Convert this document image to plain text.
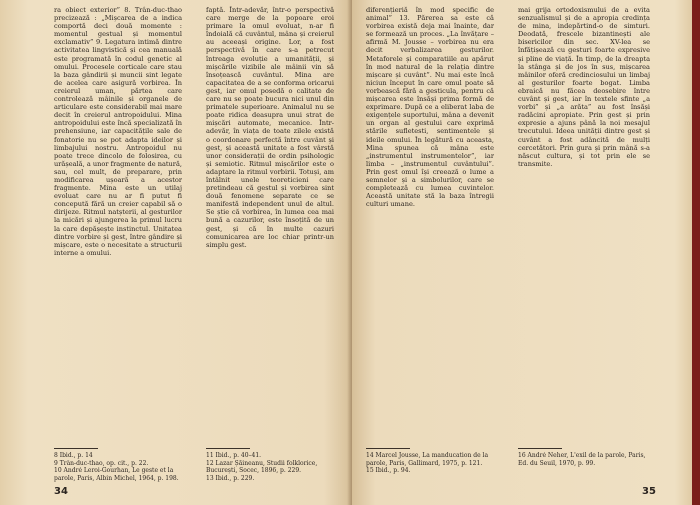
ra obiect exterior” 8. Trân-duc-thao precizează : „Mișcarea de a indica comportă deci două momente : momentul gestual și momentul exclamativ” 9. Legatura intimă dintre activitatea lingvistică și cea manuală este programată în codul genetic al omului. Procesele corticale care stau la baza gândirii și muncii sint legate de acelea care asigură vorbirea. În creierul uman, părtea care controlează mâinile și organele de articulare este considerabil mai mare decit în creierul antropoidului. Mina antropoidului este încă specializată în prehensiune, iar capacitățile sale de fonatorie nu se pot adapta ideilor și limbajului nostru. Antropoidul nu poate trece dincolo de folosirea, cu urășeală, a unor fragmente de natură, sau, cel mult, de preparare, prin modificarea ușoară a acestor fragmente. Mina este un utilaj evoluat care nu ar fi putut fi concepută fără un creier capabil să o dirijeze. Ritmul natșterii, al gesturilor la micări și ajungerea la primul lucru la care depășește instinctul. Unitatea dintre vorbire și gest, între gândire și mișcare, este o necesitate a structurii interne a omului.
faptă. Într-adevăr, într-o perspectivă care merge de la popoare eroi primare la omul evoluat, n-ar fi îndoială că cuvântul, mâna și creierul au aceeași origine. Lor, a fost perspectivă în care s-a petrecut întreaga evoluție a umanității, și mișcările vizibile ale mâinii vin să însoțească cuvântul. Mina are capacitatea de a se conforma oricarui gest, iar omul posedă o calitate de care nu se poate bucura nici unul din primatele superioare. Animalul nu se poate ridica deasupra unui strat de mișcări automate, mecanice. Într-adevăr, în viața de toate zilele există o coordonare perfectă între cuvânt și gest, și această unitate a fost vârstă unor considerații de ordin psihologic și semiotic. Ritmul mișcărilor este o adaptare la ritmul vorbirii. Totuși, am întâlnit unele teoreticieni care pretindeau că gestul și vorbirea sint două fenomene separate ce se manifestă independent unul de altul. Se știe că vorbirea, în lumea cea mai bună a cazurilor, este însoțită de un gest, și că în multe cazuri comunicarea are loc chiar printr-un simplu gest.
8 Ibid., p. 14
9 Trân-duc-thao, op. cit., p. 22.
10 André Leroi-Gourhan, Le geste et la parole, Paris, Albin Michel, 1964, p. 198.
11 Ibid., p. 40–41.
12 Lazar Șăineanu, Studii folklorice, București, Socec, 1896, p. 229.
13 Ibid., p. 229.
34
diferențieriă în mod specific de animal” 13. Părerea sa este că vorbirea există deja mai înainte, dar se formează un proces. „La învățare – afirmă M. Jousse – vorbirea nu era decit verbalizarea gesturilor. Metaforele și comparatiile au apărut în mod natural de la relația dintre mișcare și cuvânt”. Nu mai este încă niciun început în care omul poate să vorbească fără a gesticula, pentru că mișcarea este însăși prima formă de exprimare. După ce a eliberat laba de exigențele suportului, mâna a devenit un organ al gestului care exprimă stările sufletesti, sentimentele și ideile omului. În legătură cu aceasta, Mina spunea că mâna este „instrumentul instrumentelor”, iar limba – „instrumentul cuvântului”. Prin gest omul își creează o lume a semnelor și a simbolurilor, care se completează cu lumea cuvintelor. Această unitate stă la baza întregii culturi umane.
mai grija ortodoxismului de a evita senzualismul și de a apropia credința de mina, indepărtind-o de simturi. Deodată, frescele bizantinești ale bisericilor din sec. XV-lea se înfățișează cu gesturi foarte expresive și pline de viață. În timp, de la dreapta la stânga și de jos în sus, mișcarea mâinilor oferă credinciosului un limbaj al gesturilor foarte bogat. Limba ebraică nu făcea deosebire între cuvânt și gest, iar în textele sfinte „a vorbi” și „a arăta” au fost însăși radăcini apropiate. Prin gest și prin expresie a ajuns până la noi mesajul trecutului. Ideea unității dintre gest și cuvânt a fost adâncită de mulți cercetători. Prin gura și prin mână s-a născut cultura, și tot prin ele se transmite.
14 Marcel Jousse, La manducation de la parole, Paris, Gallimard, 1975, p. 121.
15 Ibid., p. 94.
16 André Neher, L'exil de la parole, Paris, Ed. du Seuil, 1970, p. 99.
35
